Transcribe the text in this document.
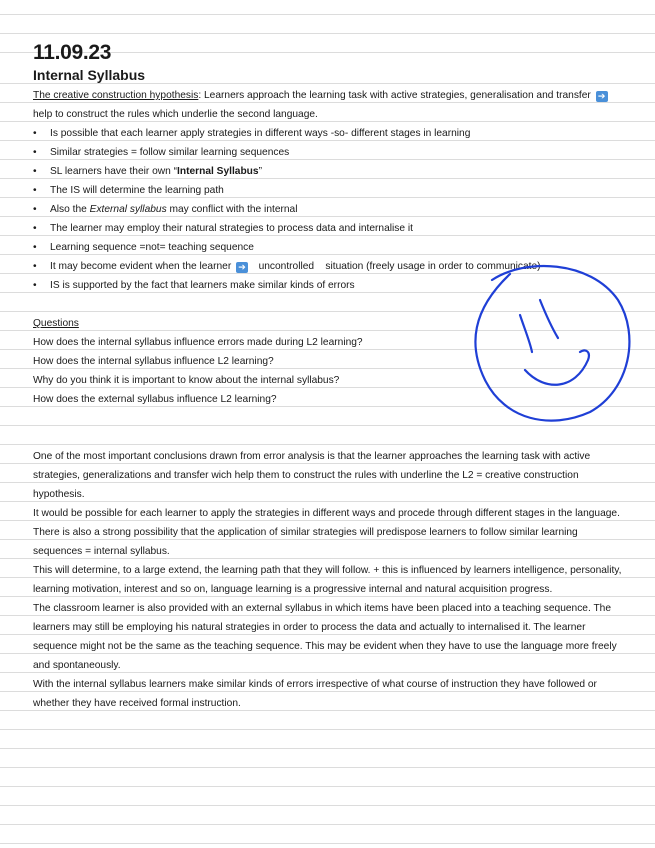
11.09.23
Internal Syllabus

The creative construction hypothesis: Learners approach the learning task with active strategies, generalisation and transfer ➔

help to construct the rules which underlie the second language.

• Is possible that each learner apply strategies in different ways -so- different stages in learning
• Similar strategies = follow similar learning sequences
• SL learners have their own “Internal Syllabus”
• The IS will determine the learning path
• Also the External syllabus may conflict with the internal
• The learner may employ their natural strategies to process data and internalise it
• Learning sequence =not= teaching sequence
• It may become evident when the learner ➔ uncontrolled    situation (freely usage in order to communicate)
• IS is supported by the fact that learners make similar kinds of errors

Questions

How does the internal syllabus influence errors made during L2 learning?

How does the internal syllabus influence L2 learning?

Why do you think it is important to know about the internal syllabus?

How does the external syllabus influence L2 learning?

One of the most important conclusions drawn from error analysis is that the learner approaches the learning task with active strategies, generalizations and transfer wich help them to construct the rules with underline the L2 = creative construction hypothesis.

It would be possible for each learner to apply the strategies in different ways and procede through different stages in the language.

There is also a strong possibility that the application of similar strategies will predispose learners to follow similar learning sequences = internal syllabus.

This will determine, to a large extend, the learning path that they will follow. + this is influenced by learners intelligence, personality, learning motivation, interest and so on, language learning is a progressive internal and natural acquisition progress.

The classroom learner is also provided with an external syllabus in which items have been placed into a teaching sequence. The learners may still be employing his natural strategies in order to process the data and actually to internalised it. The learner sequence might not be the same as the teaching sequence. This may be evident when they have to use the language more freely and spontaneously.

With the internal syllabus learners make similar kinds of errors irrespective of what course of instruction they have followed or whether they have received formal instruction.
